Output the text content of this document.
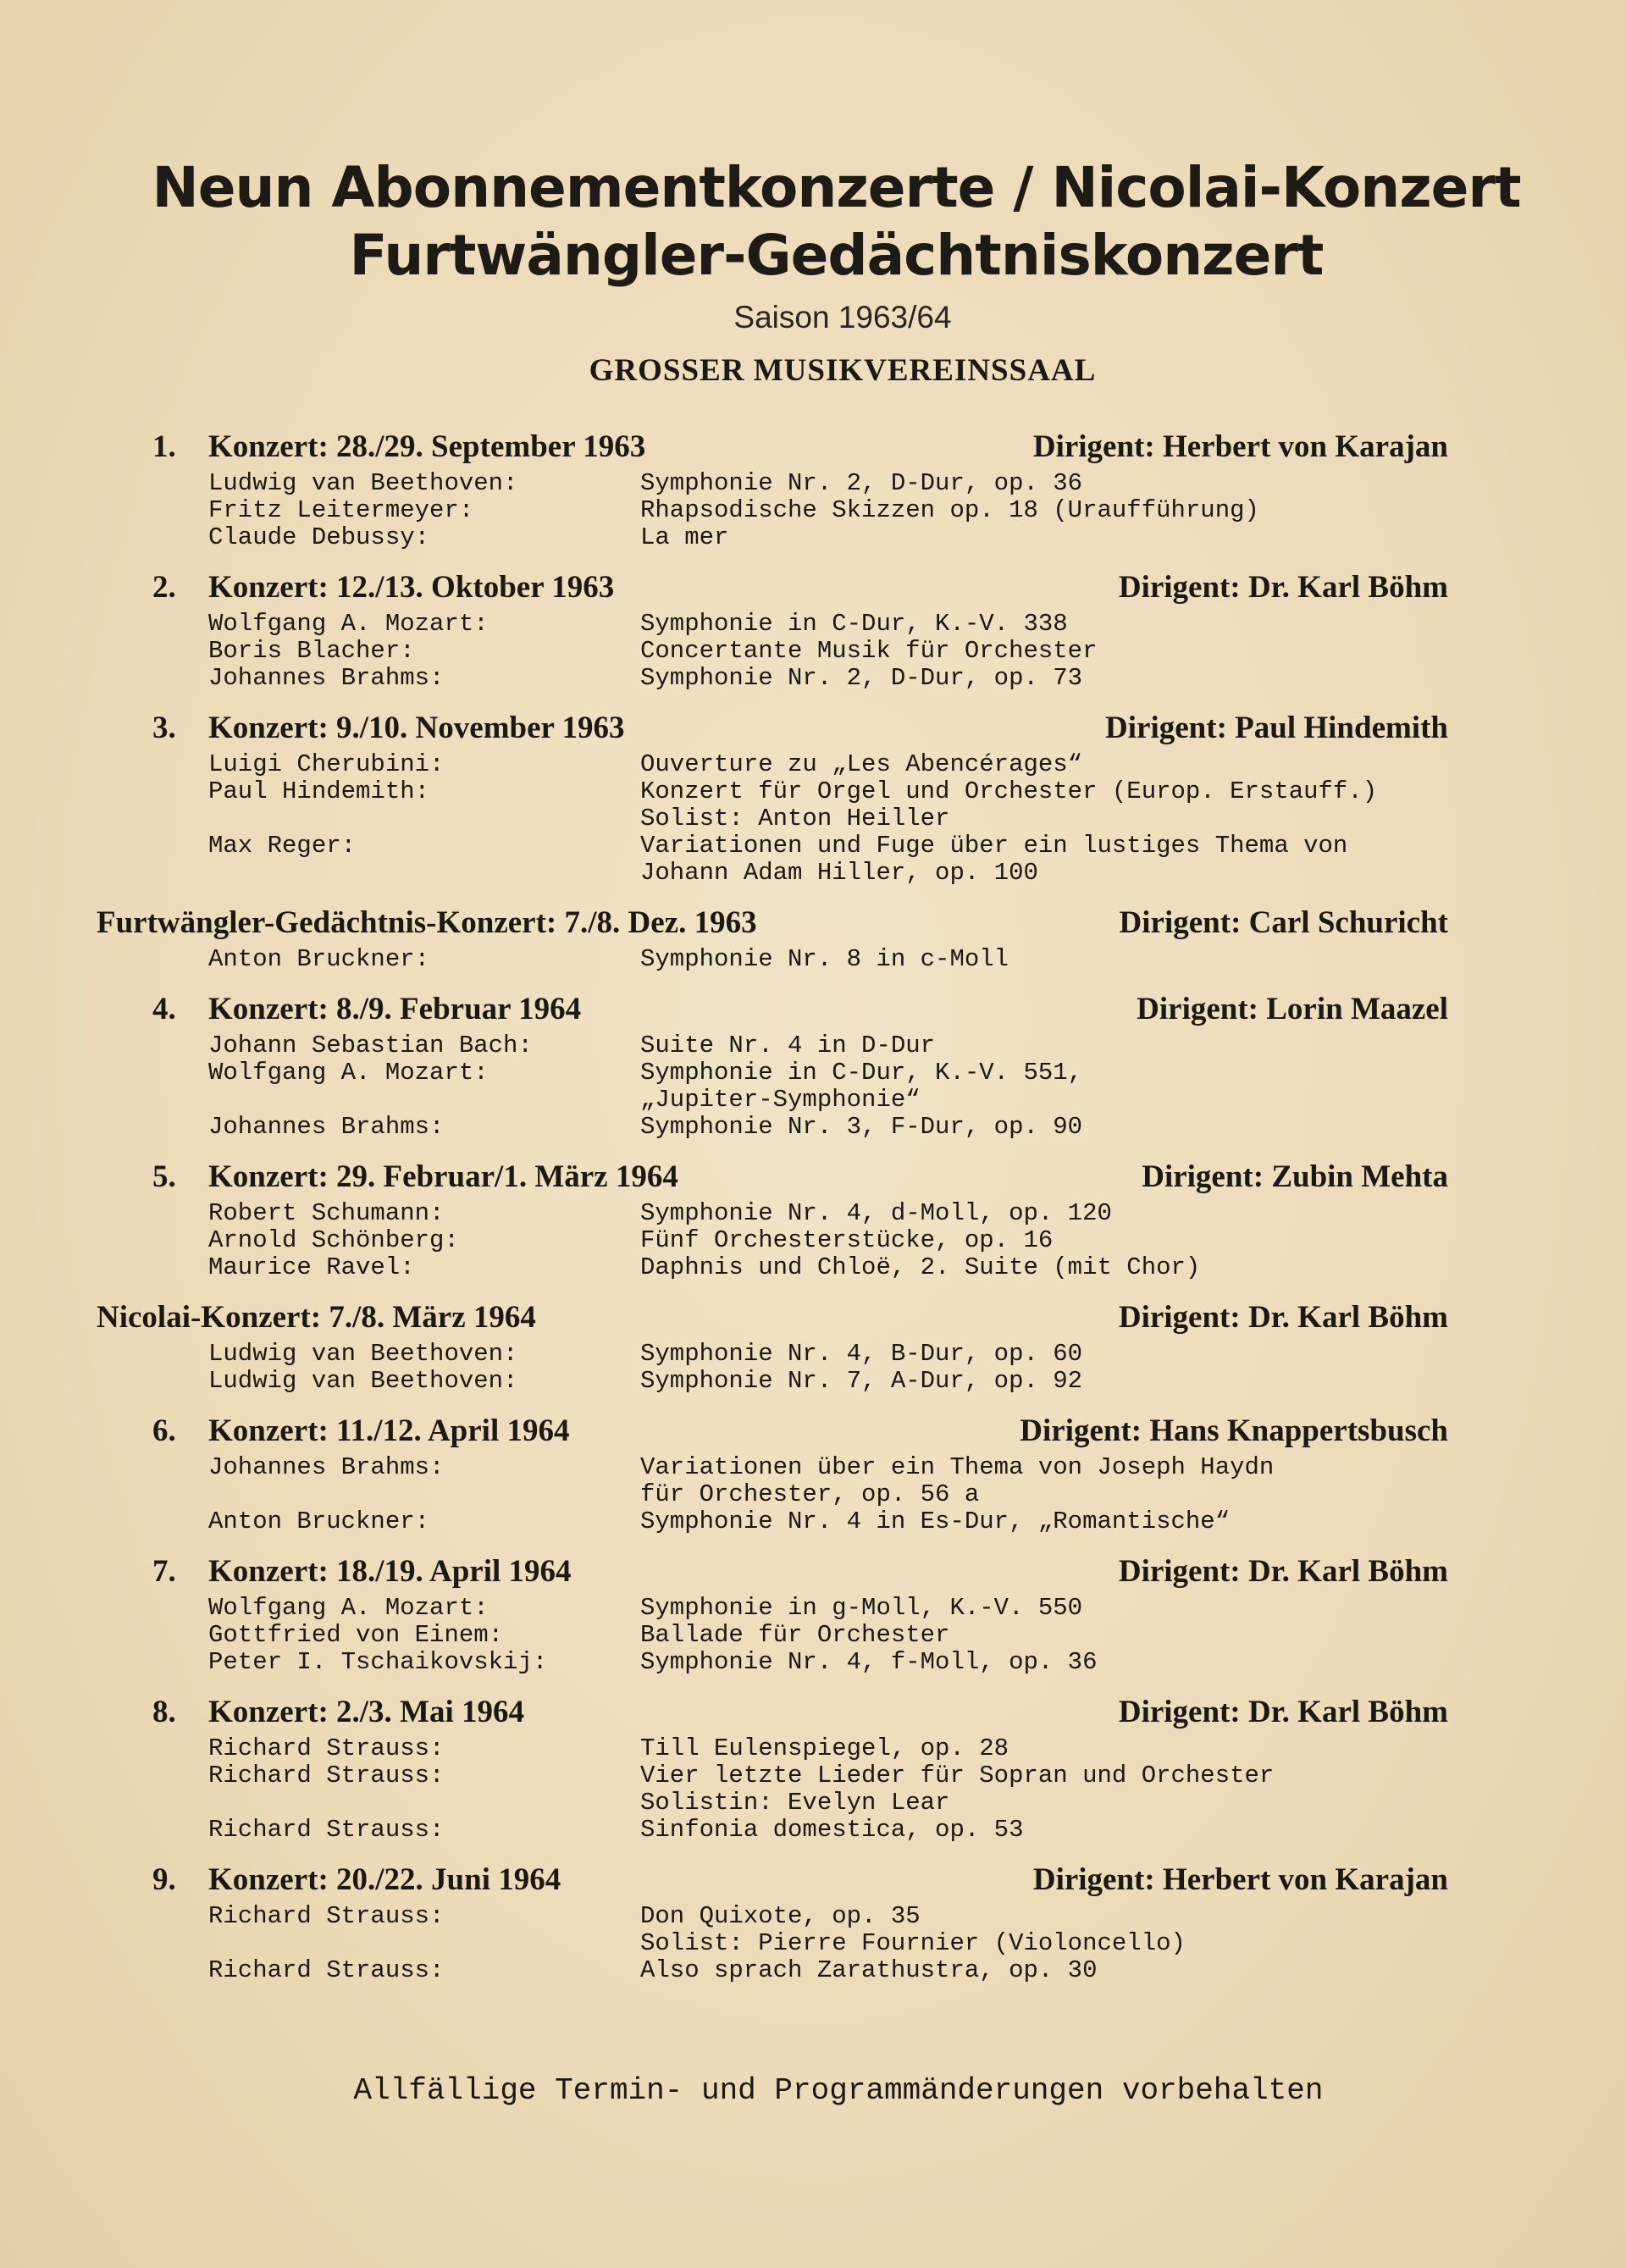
Neun Abonnementkonzerte / Nicolai-Konzert
Furtwängler-Gedächtniskonzert
Saison 1963/64
GROSSER MUSIKVEREINSSAAL
1.	Konzert: 28./29. September 1963	Dirigent: Herbert von Karajan
Ludwig van Beethoven:	Symphonie Nr. 2, D-Dur, op. 36
Fritz Leitermeyer:	Rhapsodische Skizzen op. 18 (Uraufführung)
Claude Debussy:	La mer
2.	Konzert: 12./13. Oktober 1963	Dirigent: Dr. Karl Böhm
Wolfgang A. Mozart:	Symphonie in C-Dur, K.-V. 338
Boris Blacher:	Concertante Musik für Orchester
Johannes Brahms:	Symphonie Nr. 2, D-Dur, op. 73
3.	Konzert: 9./10. November 1963	Dirigent: Paul Hindemith
Luigi Cherubini:	Ouverture zu „Les Abencérages“
Paul Hindemith:	Konzert für Orgel und Orchester (Europ. Erstauff.)
Solist: Anton Heiller
Max Reger:	Variationen und Fuge über ein lustiges Thema von
Johann Adam Hiller, op. 100
Furtwängler-Gedächtnis-Konzert: 7./8. Dez. 1963	Dirigent: Carl Schuricht
Anton Bruckner:	Symphonie Nr. 8 in c-Moll
4.	Konzert: 8./9. Februar 1964	Dirigent: Lorin Maazel
Johann Sebastian Bach:	Suite Nr. 4 in D-Dur
Wolfgang A. Mozart:	Symphonie in C-Dur, K.-V. 551,
„Jupiter-Symphonie“
Johannes Brahms:	Symphonie Nr. 3, F-Dur, op. 90
5.	Konzert: 29. Februar/1. März 1964	Dirigent: Zubin Mehta
Robert Schumann:	Symphonie Nr. 4, d-Moll, op. 120
Arnold Schönberg:	Fünf Orchesterstücke, op. 16
Maurice Ravel:	Daphnis und Chloë, 2. Suite (mit Chor)
Nicolai-Konzert: 7./8. März 1964	Dirigent: Dr. Karl Böhm
Ludwig van Beethoven:	Symphonie Nr. 4, B-Dur, op. 60
Ludwig van Beethoven:	Symphonie Nr. 7, A-Dur, op. 92
6.	Konzert: 11./12. April 1964	Dirigent: Hans Knappertsbusch
Johannes Brahms:	Variationen über ein Thema von Joseph Haydn
für Orchester, op. 56 a
Anton Bruckner:	Symphonie Nr. 4 in Es-Dur, „Romantische“
7.	Konzert: 18./19. April 1964	Dirigent: Dr. Karl Böhm
Wolfgang A. Mozart:	Symphonie in g-Moll, K.-V. 550
Gottfried von Einem:	Ballade für Orchester
Peter I. Tschaikovskij:	Symphonie Nr. 4, f-Moll, op. 36
8.	Konzert: 2./3. Mai 1964	Dirigent: Dr. Karl Böhm
Richard Strauss:	Till Eulenspiegel, op. 28
Richard Strauss:	Vier letzte Lieder für Sopran und Orchester
Solistin: Evelyn Lear
Richard Strauss:	Sinfonia domestica, op. 53
9.	Konzert: 20./22. Juni 1964	Dirigent: Herbert von Karajan
Richard Strauss:	Don Quixote, op. 35
Solist: Pierre Fournier (Violoncello)
Richard Strauss:	Also sprach Zarathustra, op. 30
Allfällige Termin- und Programmänderungen vorbehalten
